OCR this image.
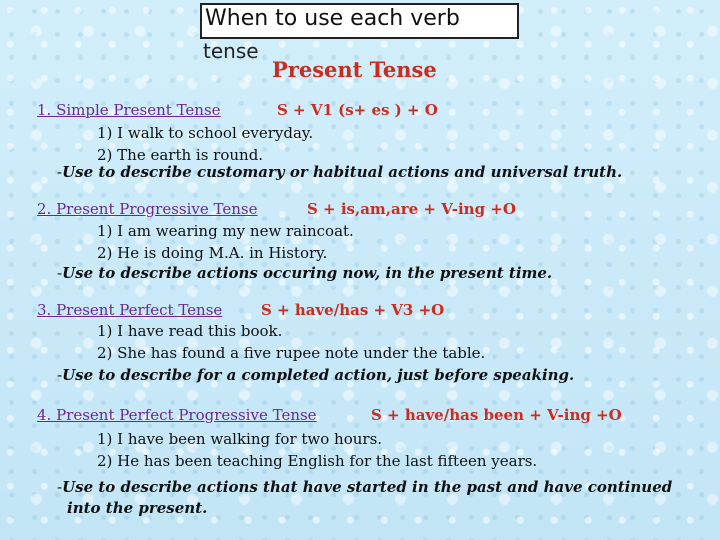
When to use each verb
tense
Present Tense
1. Simple Present Tense	S + V1 (s+ es ) + O
1) I walk to school everyday.
2) The earth is round.
-Use to describe customary or habitual actions and universal truth.
2. Present Progressive Tense	S + is,am,are + V-ing +O
1) I am wearing my new raincoat.
2) He is doing M.A. in History.
-Use to describe actions occuring now, in the present time.
3. Present Perfect Tense	S + have/has + V3 +O
1) I have read this book.
2) She has found a five rupee note under the table.
-Use to describe for a completed action, just before speaking.
4. Present Perfect Progressive Tense	S + have/has been + V-ing +O
1) I have been walking for two hours.
2) He has been teaching English for the last fifteen years.
-Use to describe actions that have started in the past and have continued
into the present.
